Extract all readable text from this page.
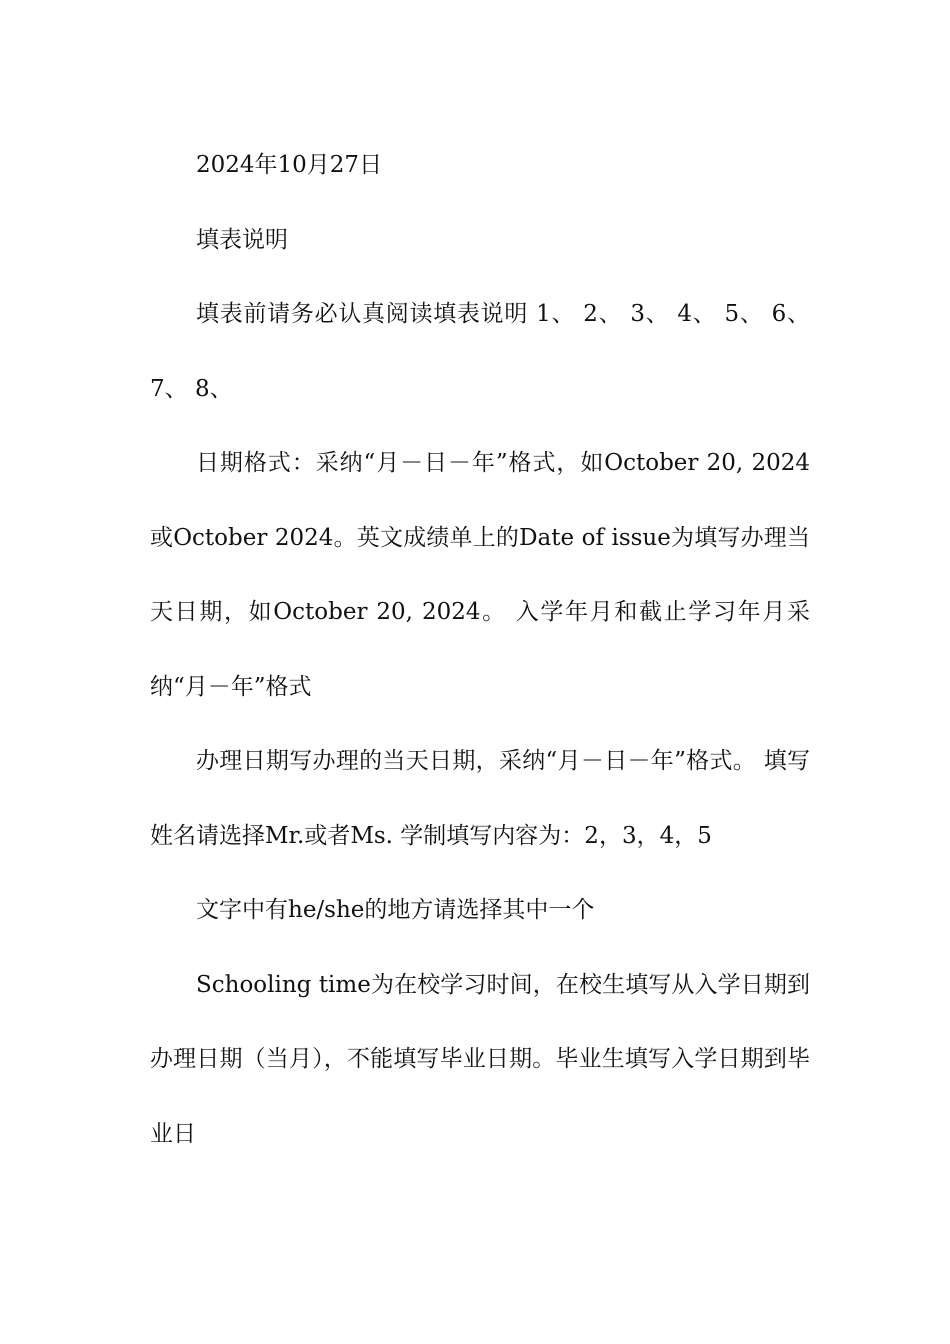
2024年10月27日

填表说明

填表前请务必认真阅读填表说明 1、 2、 3、 4、 5、 6、 7、 8、

日期格式：采纳“月－日－年”格式，如October 20, 2024或October 2024。英文成绩单上的Date of issue为填写办理当天日期，如October 20, 2024。 入学年月和截止学习年月采纳“月－年”格式

办理日期写办理的当天日期，采纳“月－日－年”格式。 填写姓名请选择Mr.或者Ms. 学制填写内容为：2，3，4，5

文字中有he/she的地方请选择其中一个

Schooling time为在校学习时间，在校生填写从入学日期到办理日期（当月），不能填写毕业日期。毕业生填写入学日期到毕业日
